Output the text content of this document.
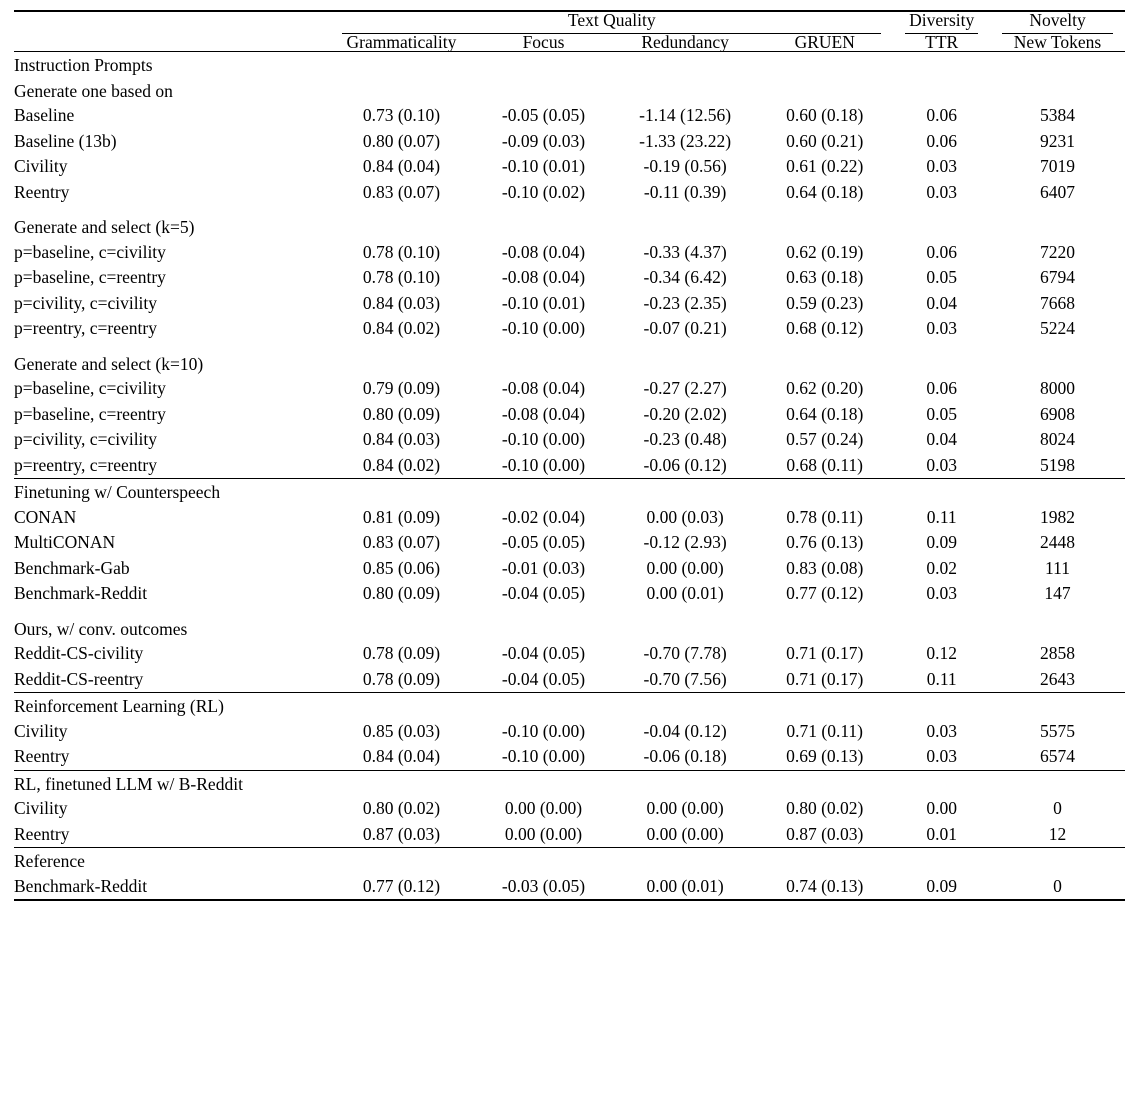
	Text Quality				Diversity	Novelty

	Grammaticality	Focus	Redundancy	GRUEN	TTR	New Tokens

Instruction Prompts						
Generate one based on						
Baseline	0.73 (0.10)	-0.05 (0.05)	-1.14 (12.56)	0.60 (0.18)	0.06	5384
Baseline (13b)	0.80 (0.07)	-0.09 (0.03)	-1.33 (23.22)	0.60 (0.21)	0.06	9231
Civility	0.84 (0.04)	-0.10 (0.01)	-0.19 (0.56)	0.61 (0.22)	0.03	7019
Reentry	0.83 (0.07)	-0.10 (0.02)	-0.11 (0.39)	0.64 (0.18)	0.03	6407

Generate and select (k=5)						
p=baseline, c=civility	0.78 (0.10)	-0.08 (0.04)	-0.33 (4.37)	0.62 (0.19)	0.06	7220
p=baseline, c=reentry	0.78 (0.10)	-0.08 (0.04)	-0.34 (6.42)	0.63 (0.18)	0.05	6794
p=civility, c=civility	0.84 (0.03)	-0.10 (0.01)	-0.23 (2.35)	0.59 (0.23)	0.04	7668
p=reentry, c=reentry	0.84 (0.02)	-0.10 (0.00)	-0.07 (0.21)	0.68 (0.12)	0.03	5224

Generate and select (k=10)						
p=baseline, c=civility	0.79 (0.09)	-0.08 (0.04)	-0.27 (2.27)	0.62 (0.20)	0.06	8000
p=baseline, c=reentry	0.80 (0.09)	-0.08 (0.04)	-0.20 (2.02)	0.64 (0.18)	0.05	6908
p=civility, c=civility	0.84 (0.03)	-0.10 (0.00)	-0.23 (0.48)	0.57 (0.24)	0.04	8024
p=reentry, c=reentry	0.84 (0.02)	-0.10 (0.00)	-0.06 (0.12)	0.68 (0.11)	0.03	5198

Finetuning w/ Counterspeech						
CONAN	0.81 (0.09)	-0.02 (0.04)	0.00 (0.03)	0.78 (0.11)	0.11	1982
MultiCONAN	0.83 (0.07)	-0.05 (0.05)	-0.12 (2.93)	0.76 (0.13)	0.09	2448
Benchmark-Gab	0.85 (0.06)	-0.01 (0.03)	0.00 (0.00)	0.83 (0.08)	0.02	111
Benchmark-Reddit	0.80 (0.09)	-0.04 (0.05)	0.00 (0.01)	0.77 (0.12)	0.03	147

Ours, w/ conv. outcomes						
Reddit-CS-civility	0.78 (0.09)	-0.04 (0.05)	-0.70 (7.78)	0.71 (0.17)	0.12	2858
Reddit-CS-reentry	0.78 (0.09)	-0.04 (0.05)	-0.70 (7.56)	0.71 (0.17)	0.11	2643

Reinforcement Learning (RL)						
Civility	0.85 (0.03)	-0.10 (0.00)	-0.04 (0.12)	0.71 (0.11)	0.03	5575
Reentry	0.84 (0.04)	-0.10 (0.00)	-0.06 (0.18)	0.69 (0.13)	0.03	6574

RL, finetuned LLM w/ B-Reddit						
Civility	0.80 (0.02)	0.00 (0.00)	0.00 (0.00)	0.80 (0.02)	0.00	0
Reentry	0.87 (0.03)	0.00 (0.00)	0.00 (0.00)	0.87 (0.03)	0.01	12

Reference						
Benchmark-Reddit	0.77 (0.12)	-0.03 (0.05)	0.00 (0.01)	0.74 (0.13)	0.09	0
